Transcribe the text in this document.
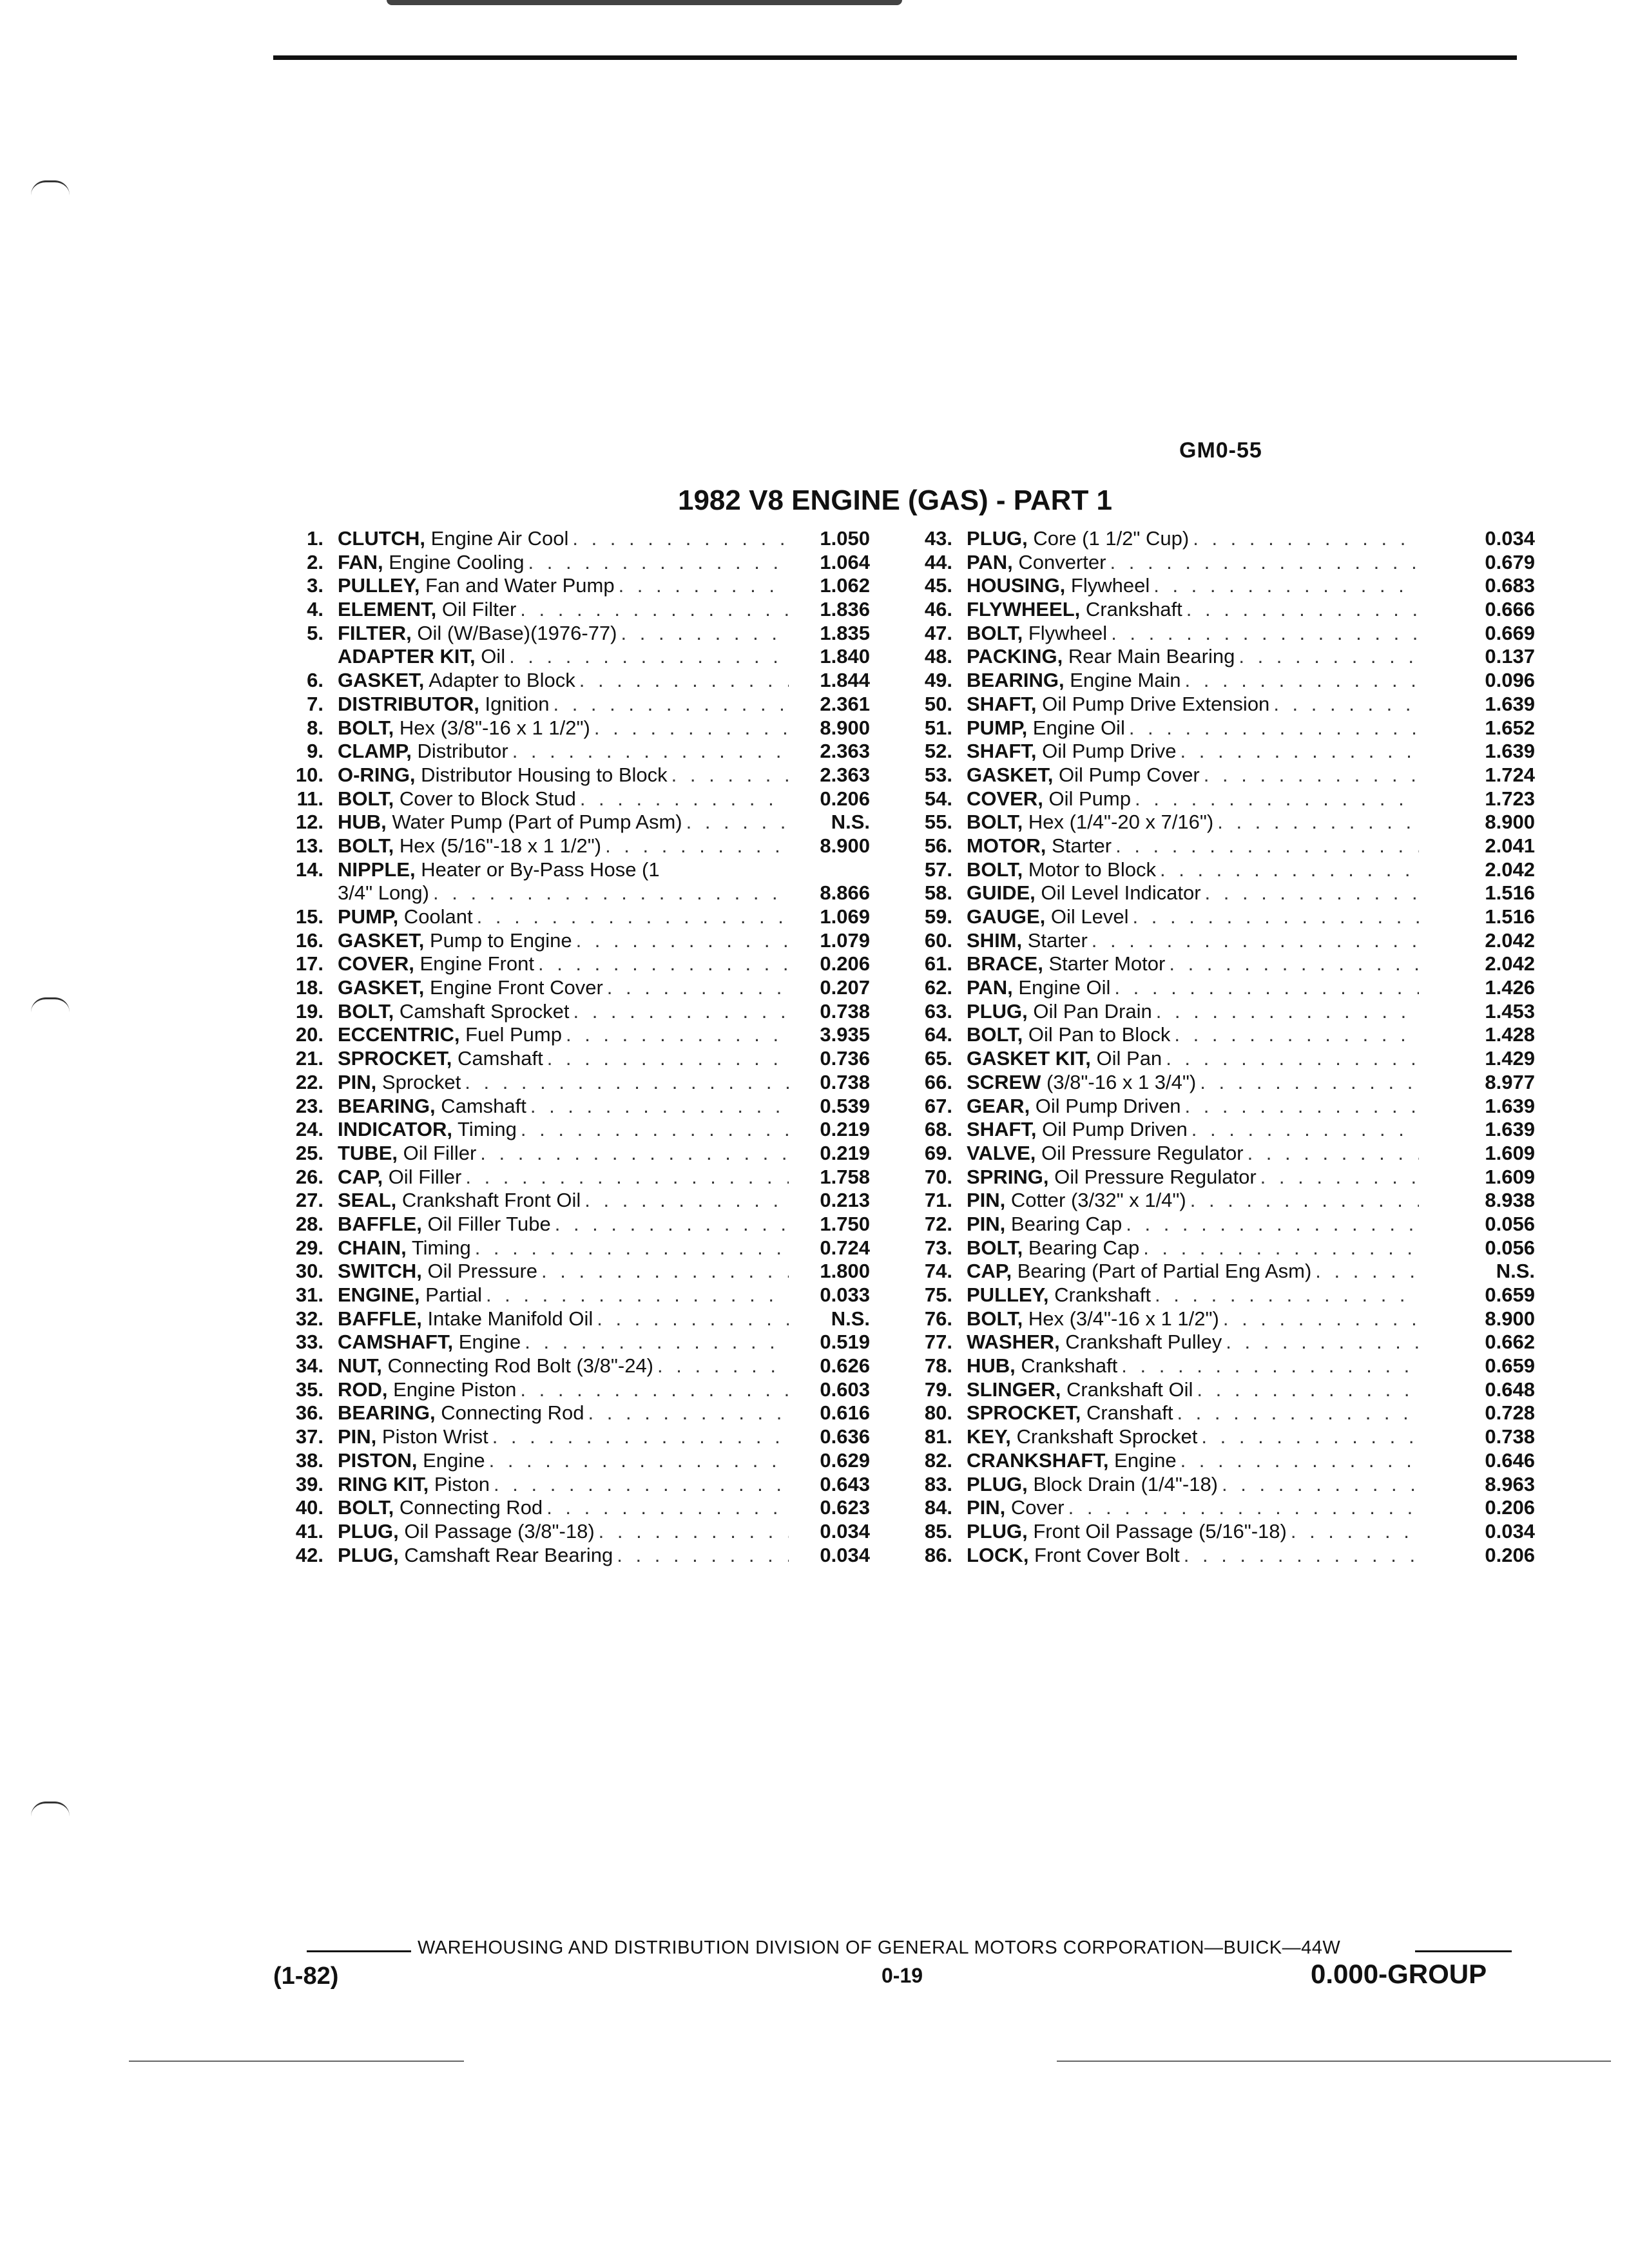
GM0-55
1982 V8 ENGINE (GAS) - PART 1
1. CLUTCH, Engine Air Cool . . .	1.050
2. FAN, Engine Cooling . . .	1.064
3. PULLEY, Fan and Water Pump . . .	1.062
4. ELEMENT, Oil Filter . . .	1.836
5. FILTER, Oil (W/Base)(1976-77) . . .	1.835
ADAPTER KIT, Oil . . .	1.840
6. GASKET, Adapter to Block . . .	1.844
7. DISTRIBUTOR, Ignition . . .	2.361
8. BOLT, Hex (3/8"-16 x 1 1/2") . . .	8.900
9. CLAMP, Distributor . . .	2.363
10. O-RING, Distributor Housing to Block . . .	2.363
11. BOLT, Cover to Block Stud . . .	0.206
12. HUB, Water Pump (Part of Pump Asm) . . .	N.S.
13. BOLT, Hex (5/16"-18 x 1 1/2") . . .	8.900
14. NIPPLE, Heater or By-Pass Hose (1
3/4" Long) . . .	8.866
15. PUMP, Coolant . . .	1.069
16. GASKET, Pump to Engine . . .	1.079
17. COVER, Engine Front . . .	0.206
18. GASKET, Engine Front Cover . . .	0.207
19. BOLT, Camshaft Sprocket . . .	0.738
20. ECCENTRIC, Fuel Pump . . .	3.935
21. SPROCKET, Camshaft . . .	0.736
22. PIN, Sprocket . . .	0.738
23. BEARING, Camshaft . . .	0.539
24. INDICATOR, Timing . . .	0.219
25. TUBE, Oil Filler . . .	0.219
26. CAP, Oil Filler . . .	1.758
27. SEAL, Crankshaft Front Oil . . .	0.213
28. BAFFLE, Oil Filler Tube . . .	1.750
29. CHAIN, Timing . . .	0.724
30. SWITCH, Oil Pressure . . .	1.800
31. ENGINE, Partial . . .	0.033
32. BAFFLE, Intake Manifold Oil . . .	N.S.
33. CAMSHAFT, Engine . . .	0.519
34. NUT, Connecting Rod Bolt (3/8"-24) . . .	0.626
35. ROD, Engine Piston . . .	0.603
36. BEARING, Connecting Rod . . .	0.616
37. PIN, Piston Wrist . . .	0.636
38. PISTON, Engine . . .	0.629
39. RING KIT, Piston . . .	0.643
40. BOLT, Connecting Rod . . .	0.623
41. PLUG, Oil Passage (3/8"-18) . . .	0.034
42. PLUG, Camshaft Rear Bearing . . .	0.034
43. PLUG, Core (1 1/2" Cup) . . .	0.034
44. PAN, Converter . . .	0.679
45. HOUSING, Flywheel . . .	0.683
46. FLYWHEEL, Crankshaft . . .	0.666
47. BOLT, Flywheel . . .	0.669
48. PACKING, Rear Main Bearing . . .	0.137
49. BEARING, Engine Main . . .	0.096
50. SHAFT, Oil Pump Drive Extension . . .	1.639
51. PUMP, Engine Oil . . .	1.652
52. SHAFT, Oil Pump Drive . . .	1.639
53. GASKET, Oil Pump Cover . . .	1.724
54. COVER, Oil Pump . . .	1.723
55. BOLT, Hex (1/4"-20 x 7/16") . . .	8.900
56. MOTOR, Starter . . .	2.041
57. BOLT, Motor to Block . . .	2.042
58. GUIDE, Oil Level Indicator . . .	1.516
59. GAUGE, Oil Level . . .	1.516
60. SHIM, Starter . . .	2.042
61. BRACE, Starter Motor . . .	2.042
62. PAN, Engine Oil . . .	1.426
63. PLUG, Oil Pan Drain . . .	1.453
64. BOLT, Oil Pan to Block . . .	1.428
65. GASKET KIT, Oil Pan . . .	1.429
66. SCREW (3/8"-16 x 1 3/4") . . .	8.977
67. GEAR, Oil Pump Driven . . .	1.639
68. SHAFT, Oil Pump Driven . . .	1.639
69. VALVE, Oil Pressure Regulator . . .	1.609
70. SPRING, Oil Pressure Regulator . . .	1.609
71. PIN, Cotter (3/32" x 1/4") . . .	8.938
72. PIN, Bearing Cap . . .	0.056
73. BOLT, Bearing Cap . . .	0.056
74. CAP, Bearing (Part of Partial Eng Asm) . . .	N.S.
75. PULLEY, Crankshaft . . .	0.659
76. BOLT, Hex (3/4"-16 x 1 1/2") . . .	8.900
77. WASHER, Crankshaft Pulley . . .	0.662
78. HUB, Crankshaft . . .	0.659
79. SLINGER, Crankshaft Oil . . .	0.648
80. SPROCKET, Cranshaft . . .	0.728
81. KEY, Crankshaft Sprocket . . .	0.738
82. CRANKSHAFT, Engine . . .	0.646
83. PLUG, Block Drain (1/4"-18) . . .	8.963
84. PIN, Cover . . .	0.206
85. PLUG, Front Oil Passage (5/16"-18) . . .	0.034
86. LOCK, Front Cover Bolt . . .	0.206
WAREHOUSING AND DISTRIBUTION DIVISION OF GENERAL MOTORS CORPORATION—BUICK—44W
(1-82)	0-19	0.000-GROUP
